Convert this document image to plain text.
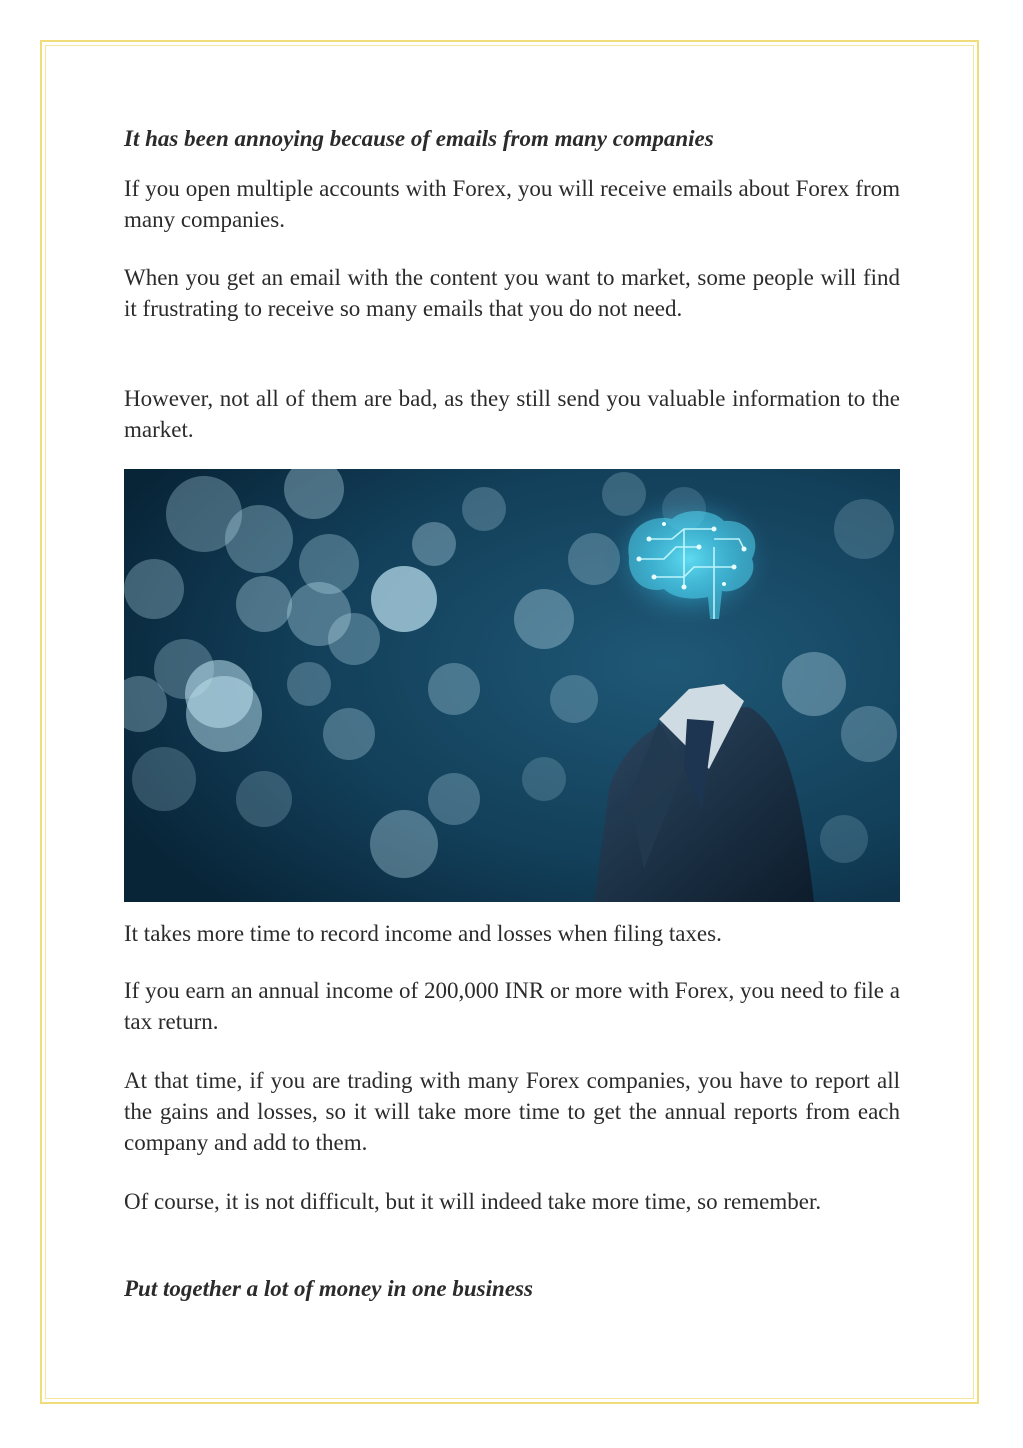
It has been annoying because of emails from many companies

If you open multiple accounts with Forex, you will receive emails about Forex from many companies.

When you get an email with the content you want to market, some people will find it frustrating to receive so many emails that you do not need.

However, not all of them are bad, as they still send you valuable information to the market.

It takes more time to record income and losses when filing taxes.

If you earn an annual income of 200,000 INR or more with Forex, you need to file a tax return.

At that time, if you are trading with many Forex companies, you have to report all the gains and losses, so it will take more time to get the annual reports from each company and add to them.

Of course, it is not difficult, but it will indeed take more time, so remember.

Put together a lot of money in one business
